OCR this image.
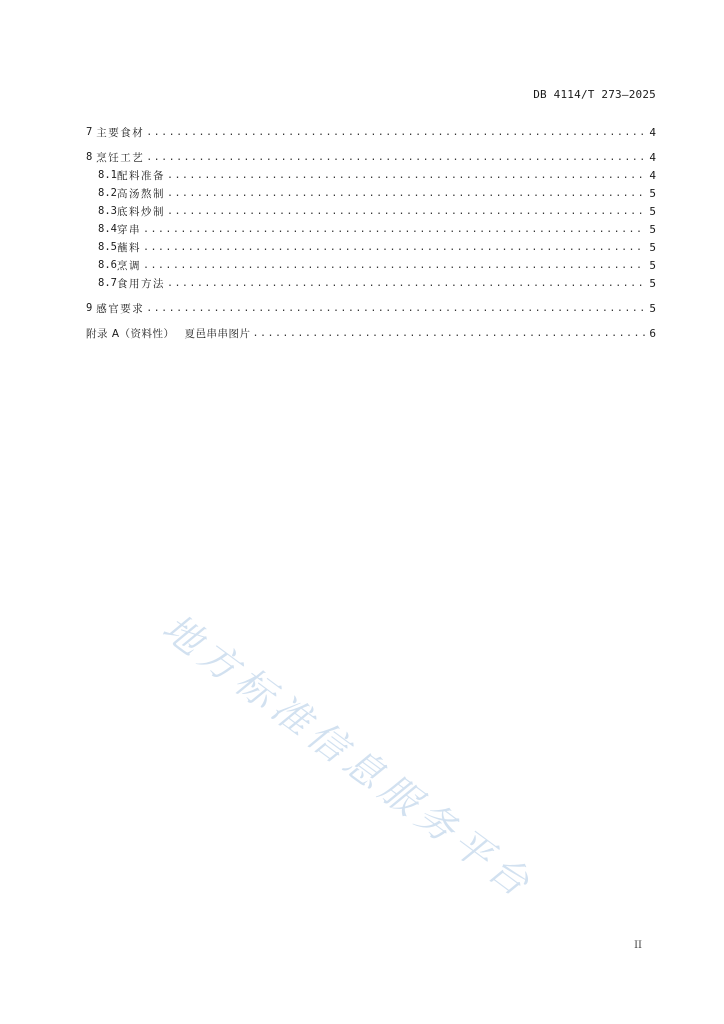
DB 4114/T 273—2025
7 主要食材 .....	4
8 烹饪工艺 .....	4
8.1 配料准备 .....	4
8.2 高汤熬制 .....	5
8.3 底料炒制 .....	5
8.4 穿串 .....	5
8.5 蘸料 .....	5
8.6 烹调 .....	5
8.7 食用方法 .....	5
9 感官要求 .....	5
附录 A（资料性） 夏邑串串图片 .....	6
地方标准信息服务平台
II
